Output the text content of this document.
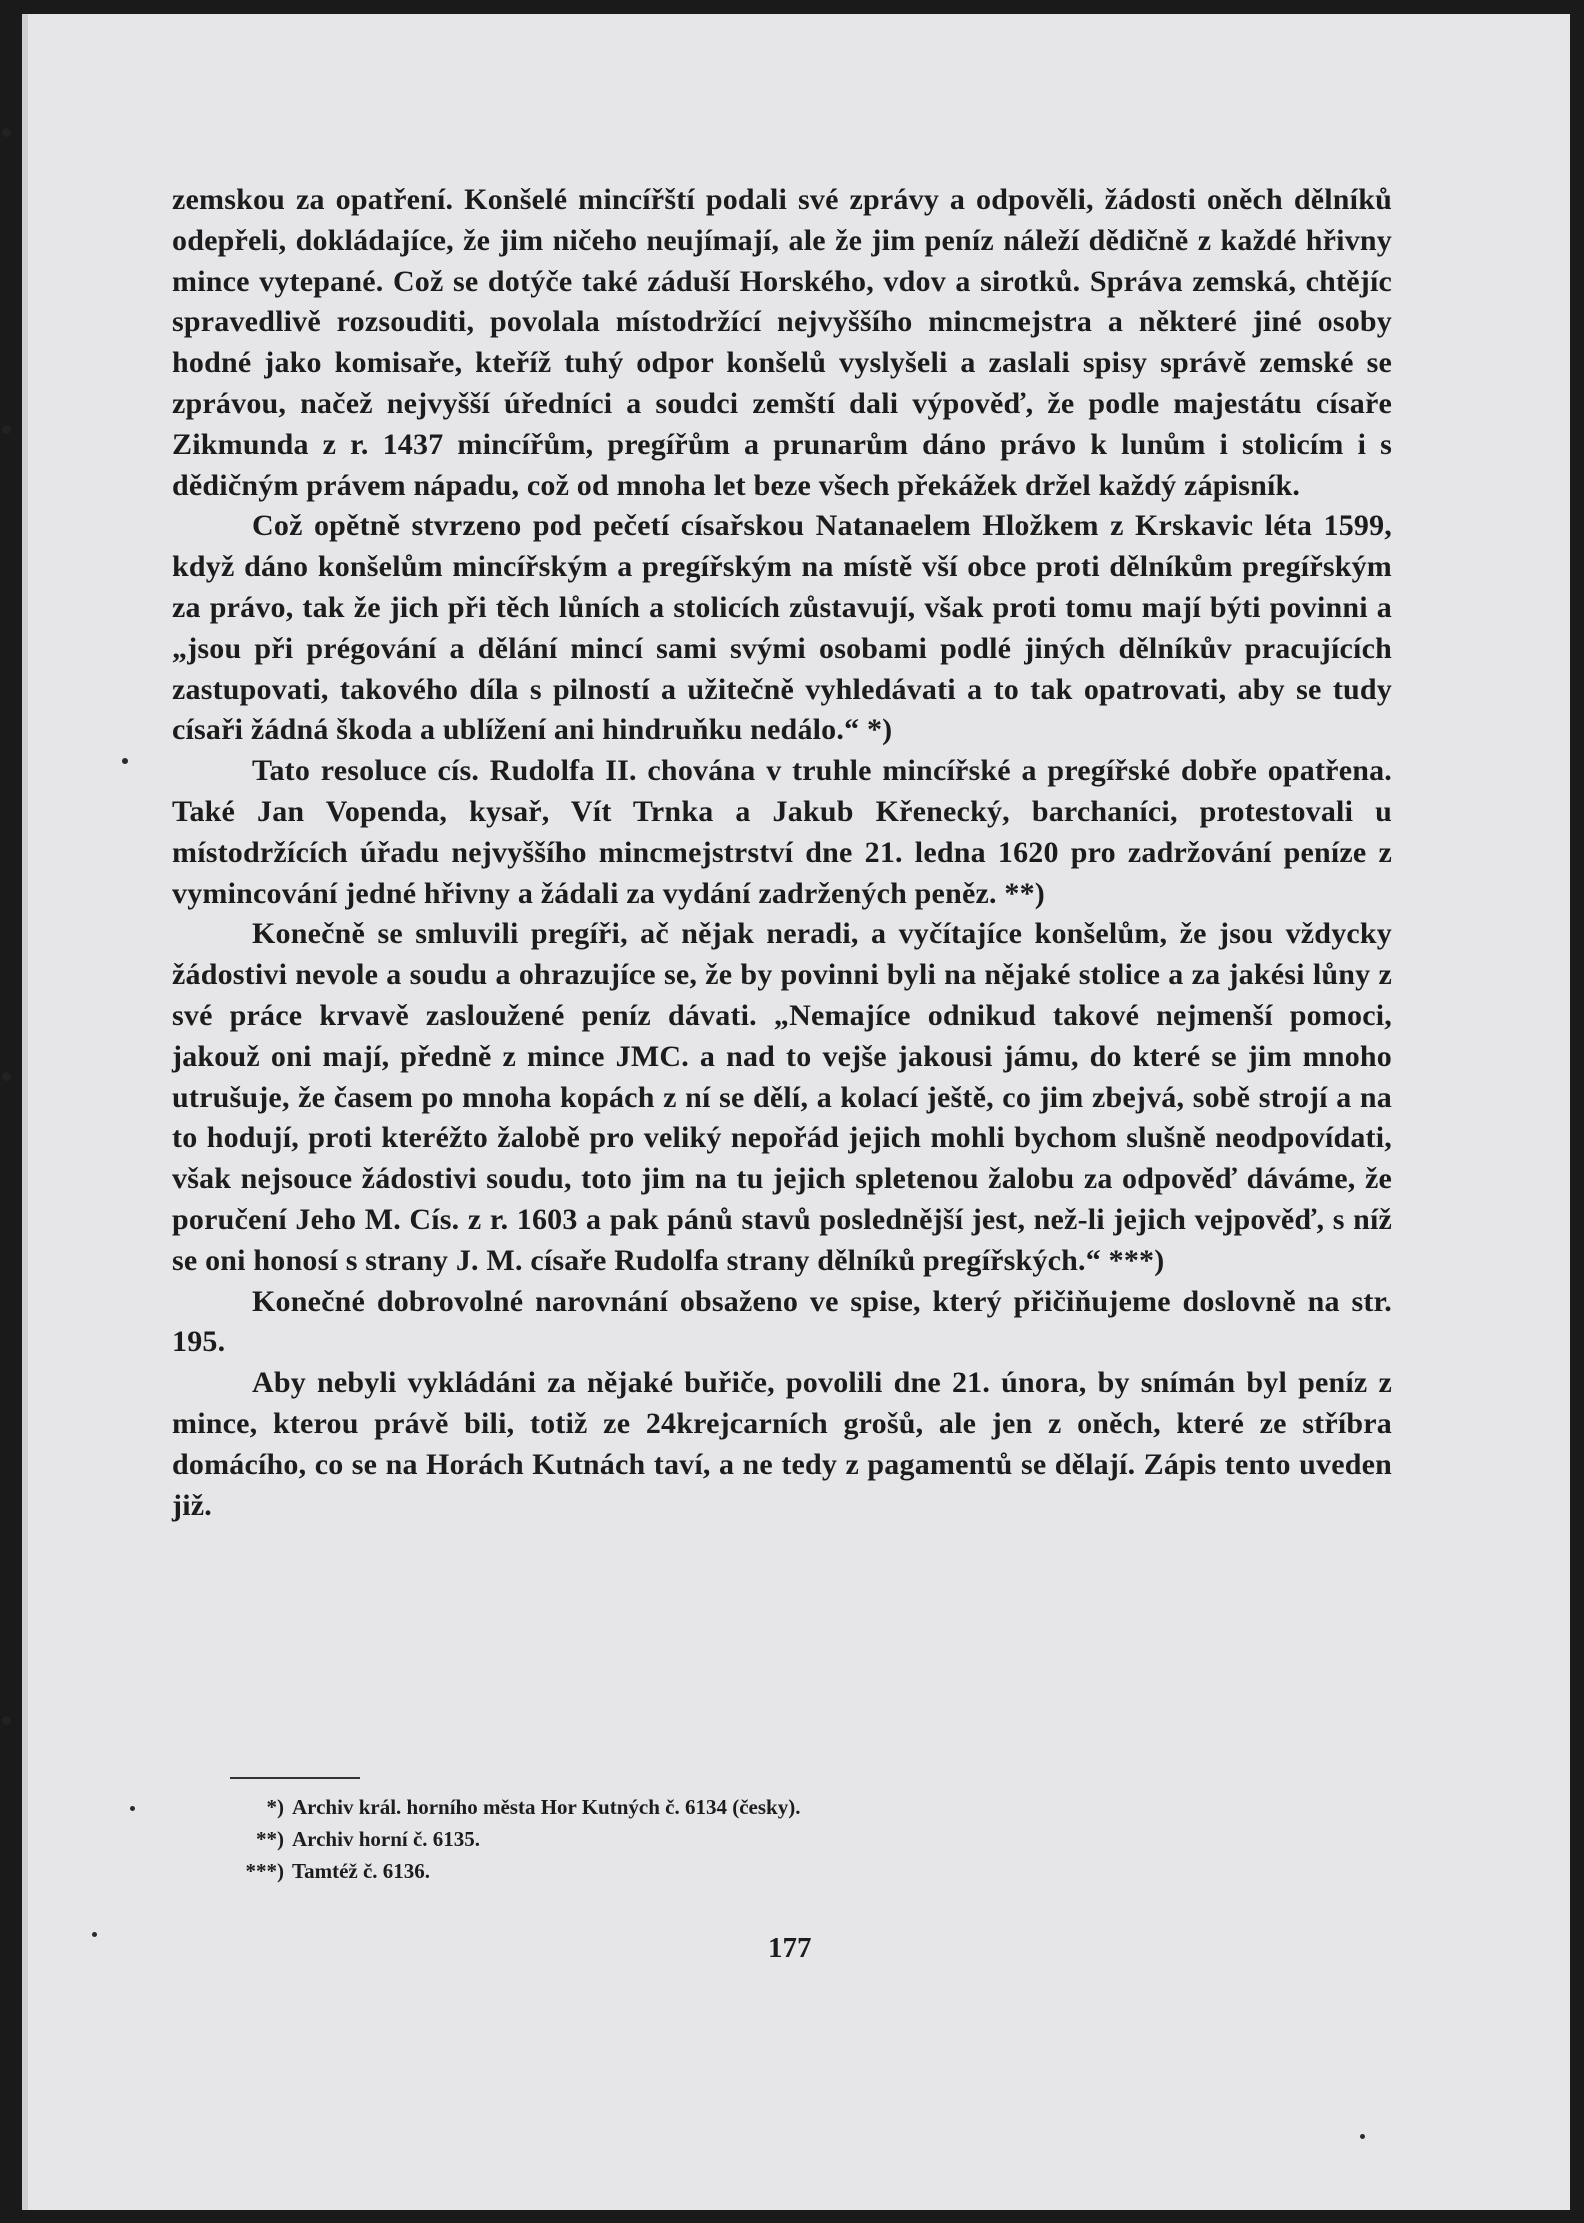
zemskou za opatření. Konšelé mincířští podali své zprávy a odpověli, žádosti oněch dělníků odepřeli, dokládajíce, že jim ničeho neujímají, ale že jim peníz náleží dědičně z každé hřivny mince vytepané. Což se dotýče také záduší Horského, vdov a sirotků. Správa zemská, chtějíc spravedlivě rozsouditi, povolala místodržící nejvyššího mincmejstra a některé jiné osoby hodné jako komisaře, kteříž tuhý odpor konšelů vyslyšeli a zaslali spisy správě zemské se zprávou, načež nejvyšší úředníci a soudci zemští dali výpověď, že podle majestátu císaře Zikmunda z r. 1437 mincířům, pregířům a prunarům dáno právo k lunům i stolicím i s dědičným právem nápadu, což od mnoha let beze všech překážek držel každý zápisník.

Což opětně stvrzeno pod pečetí císařskou Natanaelem Hložkem z Krskavic léta 1599, když dáno konšelům mincířským a pregířským na místě vší obce proti dělníkům pregířským za právo, tak že jich při těch lůních a stolicích zůstavují, však proti tomu mají býti povinni a „jsou při prégování a dělání mincí sami svými osobami podlé jiných dělníkův pracujících zastupovati, takového díla s pilností a užitečně vyhledávati a to tak opatrovati, aby se tudy císaři žádná škoda a ublížení ani hindruňku nedálo.“ *)

Tato resoluce cís. Rudolfa II. chována v truhle mincířské a pregířské dobře opatřena. Také Jan Vopenda, kysař, Vít Trnka a Jakub Křenecký, barchaníci, protestovali u místodržících úřadu nejvyššího mincmejstrství dne 21. ledna 1620 pro zadržování peníze z vymincování jedné hřivny a žádali za vydání zadržených peněz. **)

Konečně se smluvili pregíři, ač nějak neradi, a vyčítajíce konšelům, že jsou vždycky žádostivi nevole a soudu a ohrazujíce se, že by povinni byli na nějaké stolice a za jakési lůny z své práce krvavě zasloužené peníz dávati. „Nemajíce odnikud takové nejmenší pomoci, jakouž oni mají, předně z mince JMC. a nad to vejše jakousi jámu, do které se jim mnoho utrušuje, že časem po mnoha kopách z ní se dělí, a kolací ještě, co jim zbejvá, sobě strojí a na to hodují, proti kteréžto žalobě pro veliký nepořád jejich mohli bychom slušně neodpovídati, však nejsouce žádostivi soudu, toto jim na tu jejich spletenou žalobu za odpověď dáváme, že poručení Jeho M. Cís. z r. 1603 a pak pánů stavů poslednější jest, než-li jejich vejpověď, s níž se oni honosí s strany J. M. císaře Rudolfa strany dělníků pregířských.“ ***)

Konečné dobrovolné narovnání obsaženo ve spise, který přičiňujeme doslovně na str. 195.

Aby nebyli vykládáni za nějaké buřiče, povolili dne 21. února, by snímán byl peníz z mince, kterou právě bili, totiž ze 24krejcarních grošů, ale jen z oněch, které ze stříbra domácího, co se na Horách Kutnách taví, a ne tedy z pagamentů se dělají. Zápis tento uveden již.

*) Archiv král. horního města Hor Kutných č. 6134 (česky).
**) Archiv horní č. 6135.
***) Tamtéž č. 6136.
177
